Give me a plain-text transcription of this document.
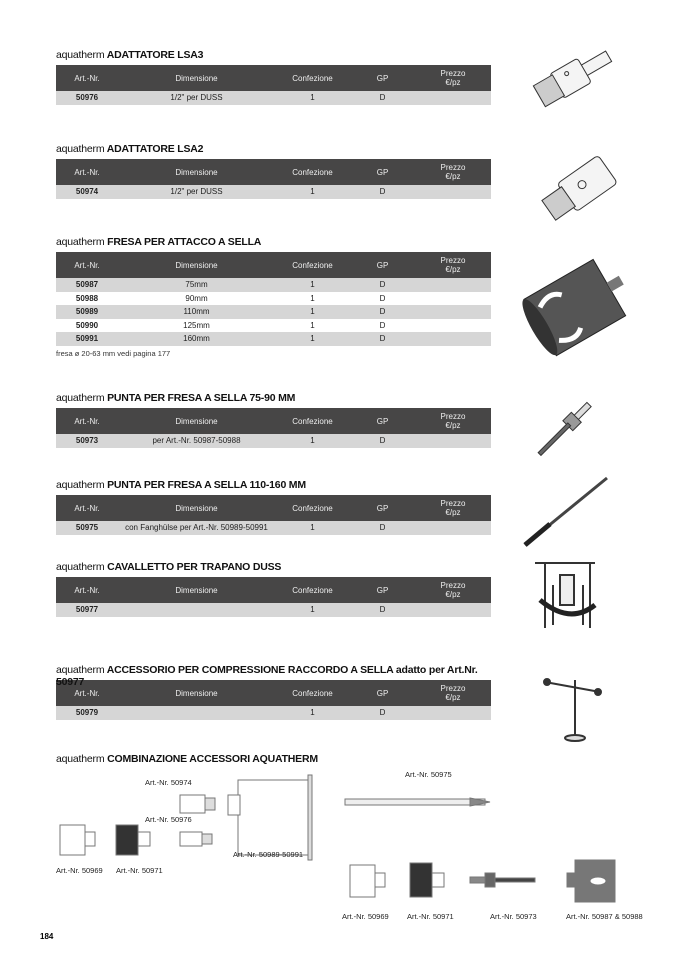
aquatherm ADATTATORE LSA3
Art.-Nr.	Dimensione	Confezione	GP	Prezzo
€/pz
50976	1/2" per DUSS	1	D	
aquatherm ADATTATORE LSA2
Art.-Nr.	Dimensione	Confezione	GP	Prezzo
€/pz
50974	1/2" per DUSS	1	D	
aquatherm FRESA PER ATTACCO A SELLA
Art.-Nr.	Dimensione	Confezione	GP	Prezzo
€/pz
50987	75mm	1	D	
50988	90mm	1	D	
50989	110mm	1	D	
50990	125mm	1	D	
50991	160mm	1	D	
fresa ø 20-63 mm vedi pagina 177
aquatherm PUNTA PER FRESA A SELLA 75-90 MM
Art.-Nr.	Dimensione	Confezione	GP	Prezzo
€/pz
50973	per Art.-Nr. 50987-50988	1	D	
aquatherm PUNTA PER FRESA A SELLA 110-160 MM
Art.-Nr.	Dimensione	Confezione	GP	Prezzo
€/pz
50975	con Fanghülse per Art.-Nr. 50989-50991	1	D	
aquatherm CAVALLETTO PER TRAPANO DUSS
Art.-Nr.	Dimensione	Confezione	GP	Prezzo
€/pz
50977		1	D	
aquatherm ACCESSORIO PER COMPRESSIONE RACCORDO A SELLA adatto per Art.Nr. 50977
Art.-Nr.	Dimensione	Confezione	GP	Prezzo
€/pz
50979		1	D	
aquatherm COMBINAZIONE ACCESSORI AQUATHERM
Art.-Nr. 50974
Art.-Nr. 50976
Art.-Nr. 50975
Art.-Nr. 50989-50991
Art.-Nr. 50969 Art.-Nr. 50971
Art.-Nr. 50969 Art.-Nr. 50971	Art.-Nr. 50973	Art.-Nr. 50987 & 50988
184
